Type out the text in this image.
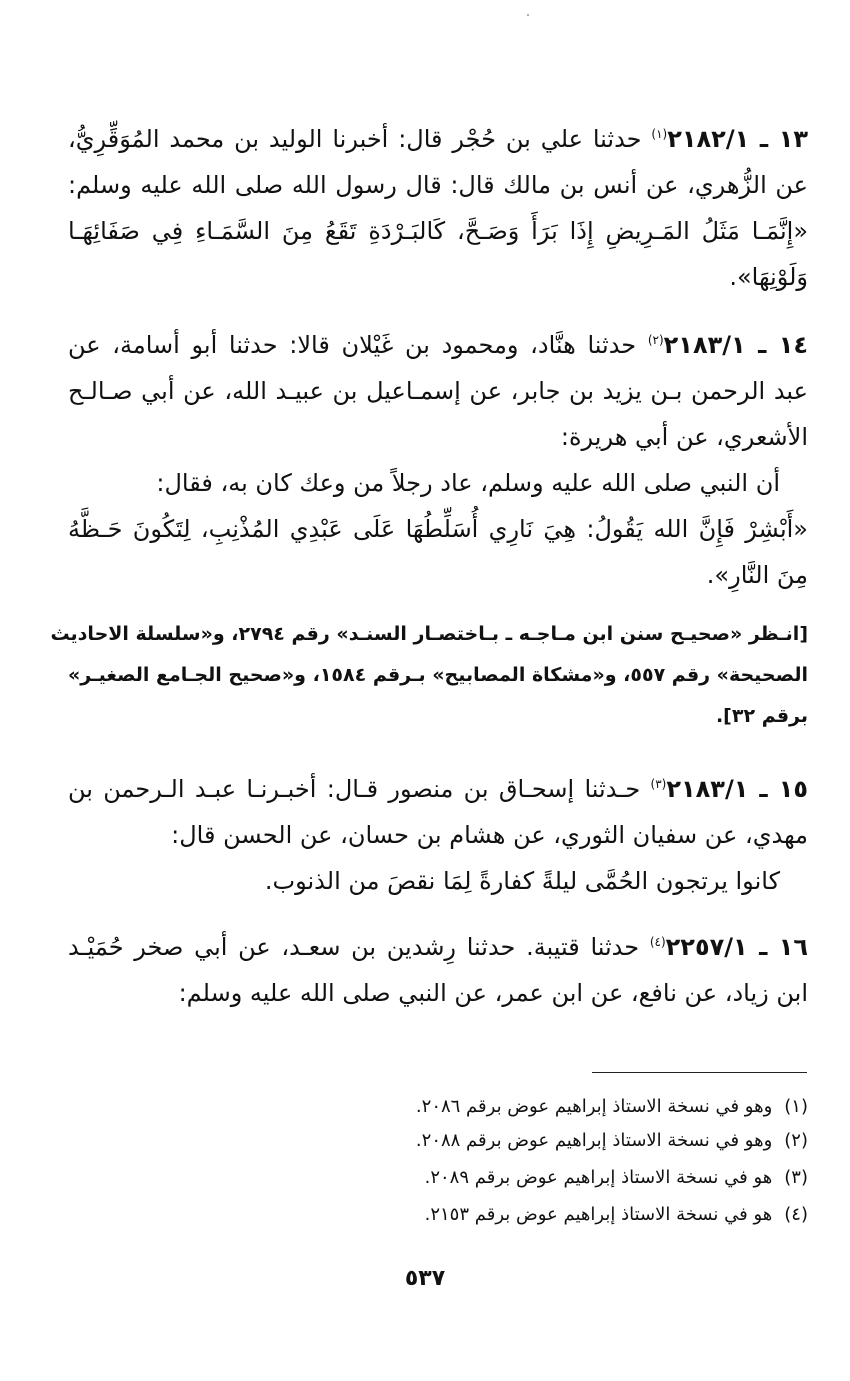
١٣ ـ ٢١٨٢/١$^{(١)}$ حدثنا علي بن حُجْر قال: أخبرنا الوليد بن محمد المُوَقِّرِيُّ،
عن الزُّهري، عن أنس بن مالك قال: قال رسول الله صلى الله عليه وسلم:
«إِنَّمَـا مَثَلُ المَـرِيضِ إِذَا بَرَأَ وَصَـحَّ، كَالبَـرْدَةِ تَقَعُ مِنَ السَّمَـاءِ فِي صَفَائِهَـا
وَلَوْنِهَا».
١٤ ـ ٢١٨٣/١$^{(٢)}$ حدثنا هنَّاد، ومحمود بن غَيْلان قالا: حدثنا أبو أسامة، عن
عبد الرحمن بـن يزيد بن جابر، عن إسمـاعيل بن عبيـد الله، عن أبي صـالـح
الأشعري، عن أبي هريرة:
أن النبي صلى الله عليه وسلم، عاد رجلاً من وعك كان به، فقال:
«أَبْشِرْ فَإِنَّ الله يَقُولُ: هِيَ نَارِي أُسَلِّطُهَا عَلَى عَبْدِي المُذْنِبِ، لِتَكُونَ حَـظَّهُ
مِنَ النَّارِ».
[انـظر «صحيـح سنن ابن مـاجـه ـ بـاختصـار السنـد» رقم ٢٧٩٤، و«سلسلة الاحاديث
الصحيحة» رقم ٥٥٧، و«مشكاة المصابيح» بـرقم ١٥٨٤، و«صحيح الجـامع الصغيـر»
برقم ٣٢].
١٥ ـ ٢١٨٣/١$^{(٣)}$ حـدثنا إسحـاق بن منصور قـال: أخبـرنـا عبـد الـرحمن بن
مهدي، عن سفيان الثوري، عن هشام بن حسان، عن الحسن قال:
كانوا يرتجون الحُمَّى ليلةً كفارةً لِمَا نقصَ من الذنوب.
١٦ ـ ٢٢٥٧/١$^{(٤)}$ حدثنا قتيبة. حدثنا رِشدين بن سعـد، عن أبي صخر حُمَيْـد
ابن زياد، عن نافع، عن ابن عمر، عن النبي صلى الله عليه وسلم:
(١)وهو في نسخة الاستاذ إبراهيم عوض برقم ٢٠٨٦.
(٢)وهو في نسخة الاستاذ إبراهيم عوض برقم ٢٠٨٨.
(٣)هو في نسخة الاستاذ إبراهيم عوض برقم ٢٠٨٩.
(٤)هو في نسخة الاستاذ إبراهيم عوض برقم ٢١٥٣.
٥٣٧
